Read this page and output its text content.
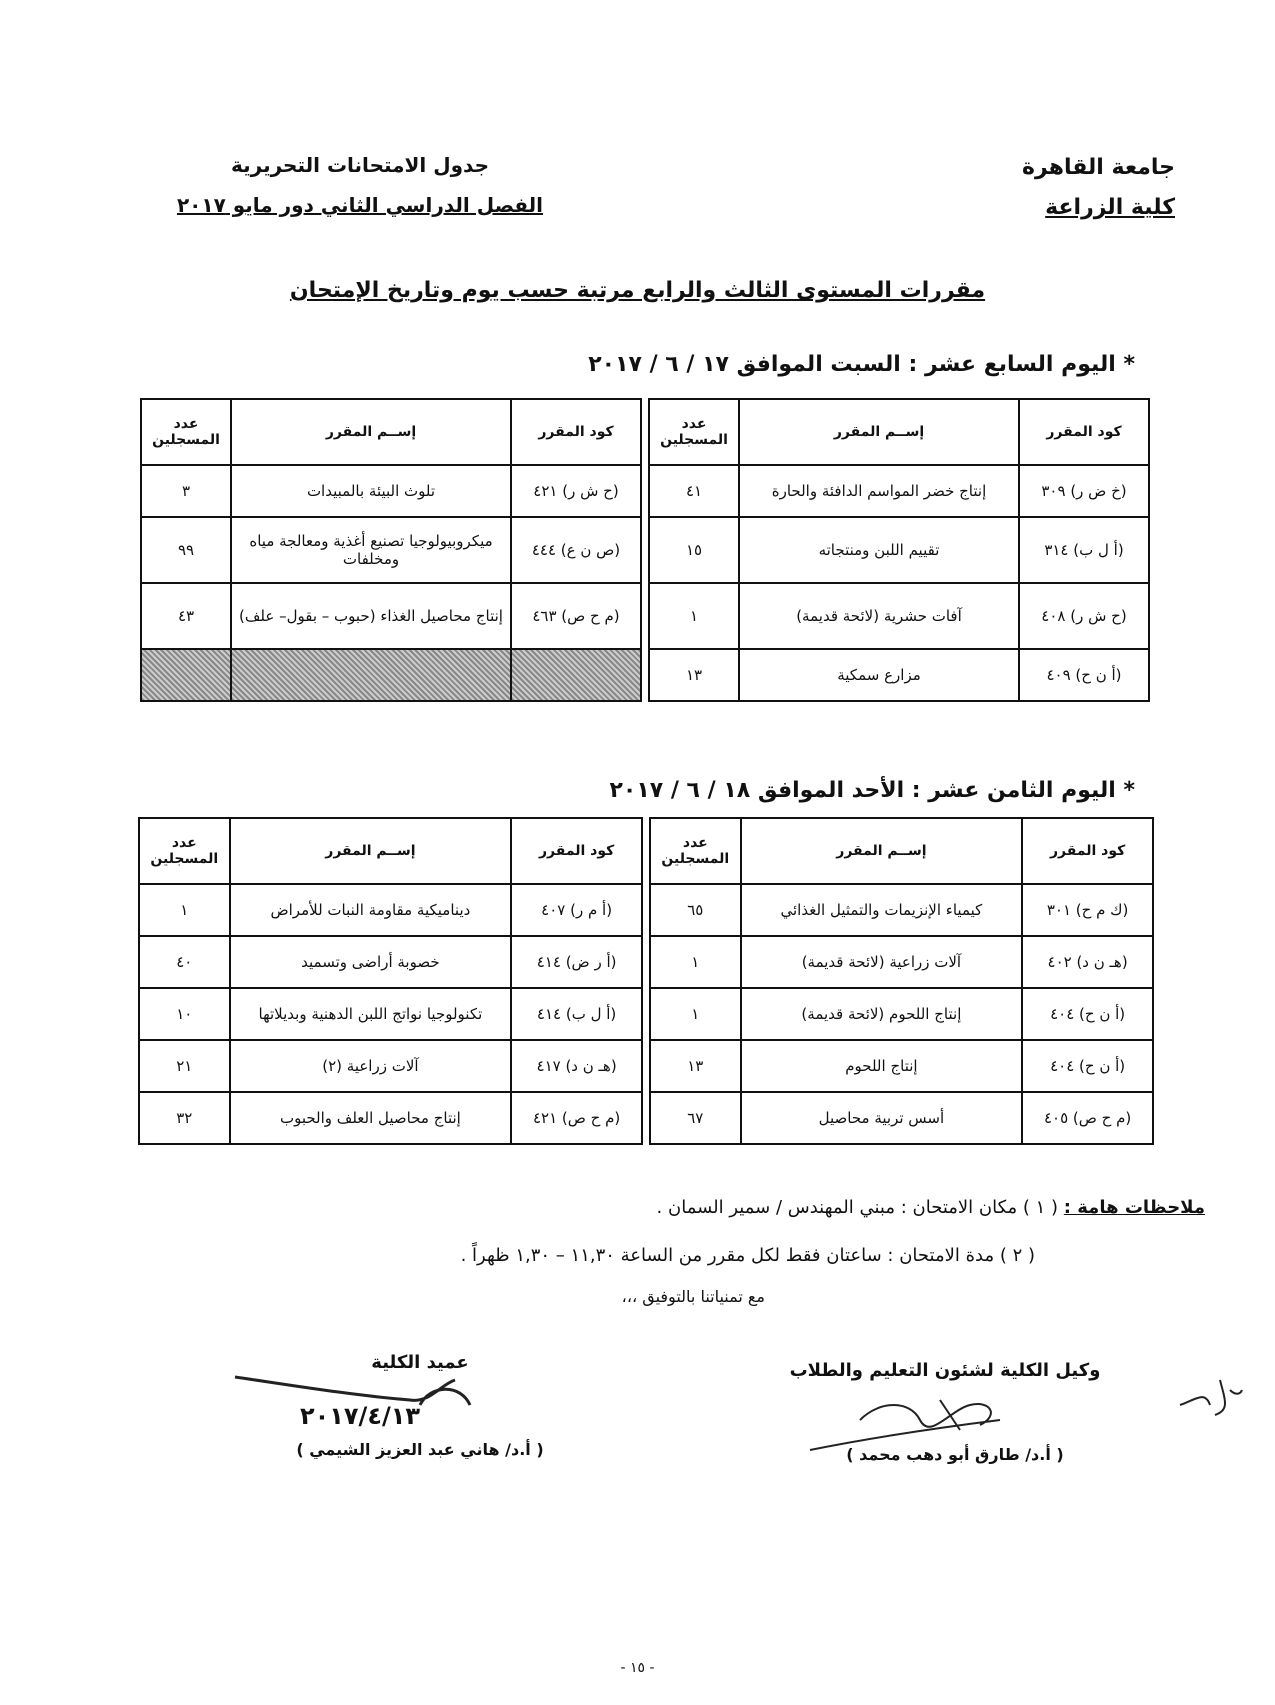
جامعة القاهرة
كلية الزراعة
جدول الامتحانات التحريرية
الفصل الدراسي الثاني دور مايو ٢٠١٧
مقررات المستوى الثالث والرابع مرتبة حسب يوم وتاريخ الإمتحان
* اليوم السابع عشر : السبت الموافق ١٧ / ٦ / ٢٠١٧
كود المقرر	إســم المقرر	عدد المسجلين		كود المقرر	إســم المقرر	عدد المسجلين
(خ ض ر) ٣٠٩	إنتاج خضر المواسم الدافئة والحارة	٤١		(ح ش ر) ٤٢١	تلوث البيئة بالمبيدات	٣
(أ ل ب) ٣١٤	تقييم اللبن ومنتجاته	١٥		(ص ن ع) ٤٤٤	ميكروبيولوجيا تصنيع أغذية ومعالجة مياه ومخلفات	٩٩
(ح ش ر) ٤٠٨	آفات حشرية (لائحة قديمة)	١		(م ح ص) ٤٦٣	إنتاج محاصيل الغذاء (حبوب – بقول– علف)	٤٣
(أ ن ح) ٤٠٩	مزارع سمكية	١٣				
* اليوم الثامن عشر : الأحد الموافق ١٨ / ٦ / ٢٠١٧
كود المقرر	إســم المقرر	عدد المسجلين		كود المقرر	إســم المقرر	عدد المسجلين
(ك م ح) ٣٠١	كيمياء الإنزيمات والتمثيل الغذائي	٦٥		(أ م ر) ٤٠٧	ديناميكية مقاومة النبات للأمراض	١
(هـ ن د) ٤٠٢	آلات زراعية (لائحة قديمة)	١		(أ ر ض) ٤١٤	خصوبة أراضى وتسميد	٤٠
(أ ن ح) ٤٠٤	إنتاج اللحوم (لائحة قديمة)	١		(أ ل ب) ٤١٤	تكنولوجيا نواتج اللبن الدهنية وبديلاتها	١٠
(أ ن ح) ٤٠٤	إنتاج اللحوم	١٣		(هـ ن د) ٤١٧	آلات زراعية (٢)	٢١
(م ح ص) ٤٠٥	أسس تربية محاصيل	٦٧		(م ح ص) ٤٢١	إنتاج محاصيل العلف والحبوب	٣٢
ملاحظات هامة : ( ١ ) مكان الامتحان : مبني المهندس / سمير السمان .
( ٢ ) مدة الامتحان : ساعتان فقط لكل مقرر من الساعة ١١,٣٠ – ١,٣٠ ظهراً .
مع تمنياتنا بالتوفيق ،،،
وكيل الكلية لشئون التعليم والطلاب
( أ.د/ طارق أبو دهب محمد )
عميد الكلية
٢٠١٧/٤/١٣
( أ.د/ هاني عبد العزيز الشيمي )
- ١٥ -
